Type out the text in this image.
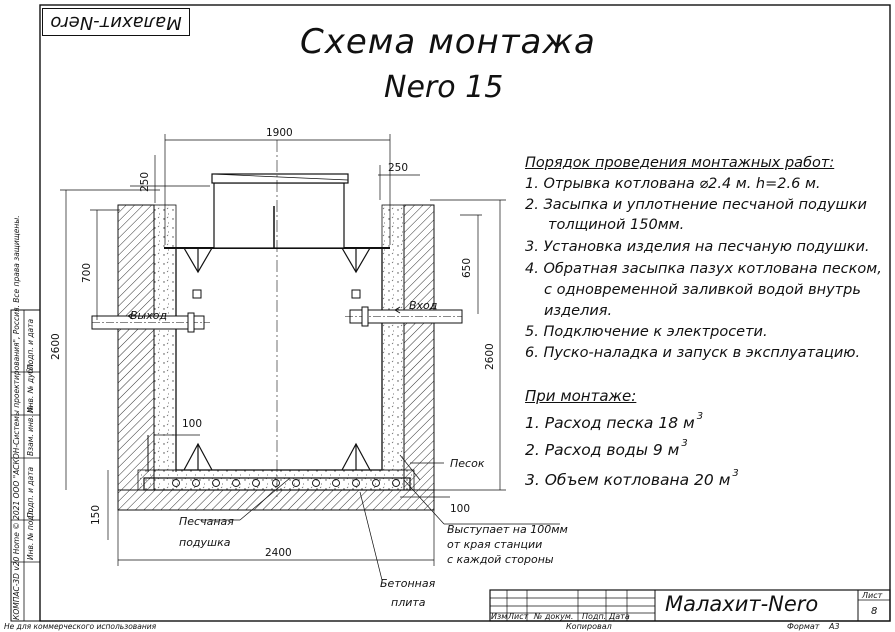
Малахит-Nero	Схема монтажа
Nero 15
Порядок проведения монтажных работ:
1. Отрывка котлована ⌀2.4 м. h=2.6 м.
2. Засыпка и уплотнение песчаной подушки
толщиной 150мм.
3. Установка изделия на песчаную подушки.
4. Обратная засыпка пазух котлована песком,
с одновременной заливкой водой внутрь
изделия.
5. Подключение к электросети.
6. Пуско-наладка и запуск в эксплуатацию.
При монтаже:
1. Расход песка 18 м $^3$
2. Расход воды 9 м $^3$
3. Объем котлована 20 м $^3$
1900
250
250
700	650
2600	2600
100
100
150
2400
Выход
Вход
Песок
Песчаная
подушка
Выступает на 100мм
от края станции
с каждой стороны
Бетонная
плита
КОМПАС-3D v20 Home © 2021 ООО "АСКОН-Системы проектирования", Россия. Все права защищены. Подп. и дата
Инв. № дубл.
Взам. инв. №
Подп. и дата
Инв. № подл.
Изм Лист № докум. Подп. Дата
Малахит-Nero	Лист
8
Копировал	Формат А3
Не для коммерческого использования
